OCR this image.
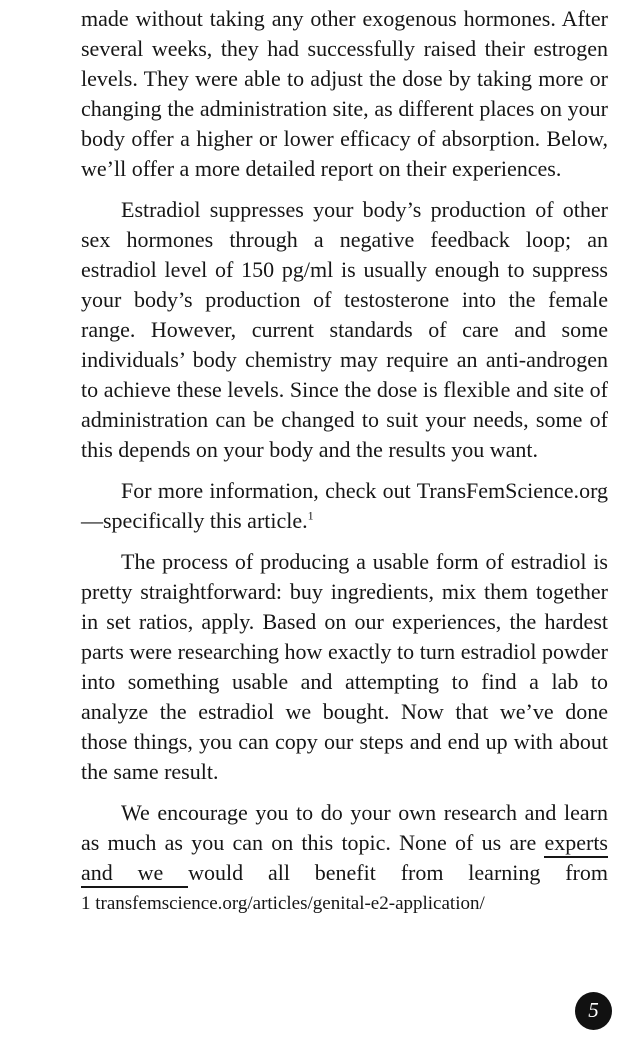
made without taking any other exogenous hormones. After several weeks, they had successfully raised their estrogen levels. They were able to adjust the dose by taking more or changing the administration site, as different places on your body offer a higher or lower efficacy of absorption. Below, we’ll offer a more detailed report on their experiences.

Estradiol suppresses your body’s production of other sex hormones through a negative feedback loop; an estradiol level of 150 pg/ml is usually enough to suppress your body’s production of testosterone into the female range. However, current standards of care and some individuals’ body chemistry may require an anti-androgen to achieve these levels. Since the dose is flexible and site of administration can be changed to suit your needs, some of this depends on your body and the results you want.

For more information, check out TransFemScience.org—specifically this article.$^1$

The process of producing a usable form of estradiol is pretty straightforward: buy ingredients, mix them together in set ratios, apply. Based on our experiences, the hardest parts were researching how exactly to turn estradiol powder into something usable and attempting to find a lab to analyze the estradiol we bought. Now that we’ve done those things, you can copy our steps and end up with about the same result.

We encourage you to do your own research and learn as much as you can on this topic. None of us are experts and we would all benefit from learning from

1 transfemscience.org/articles/genital-e2-application/

5
